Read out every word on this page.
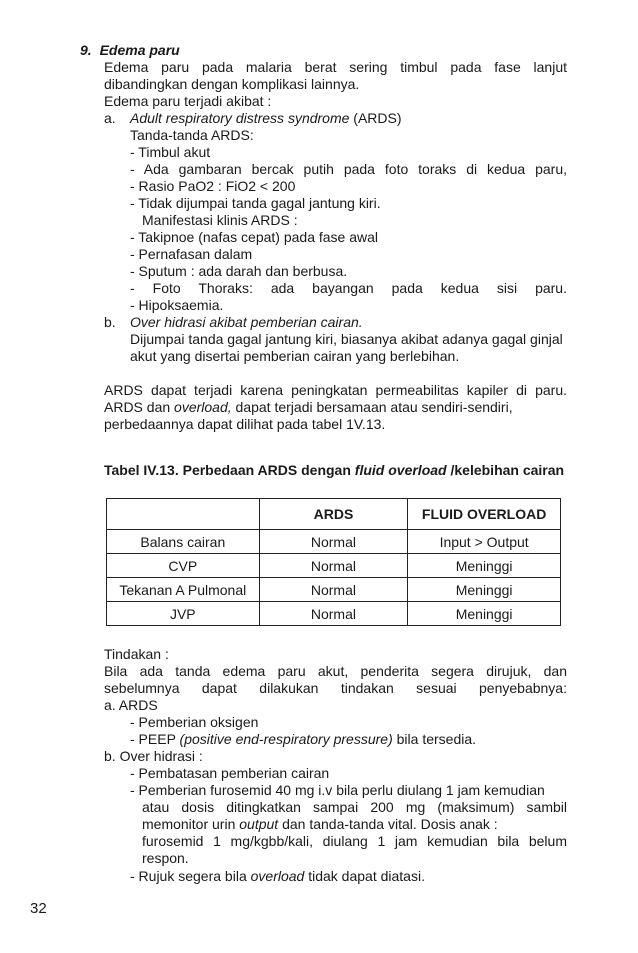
9. Edema paru
Edema paru pada malaria berat sering timbul pada fase lanjut
dibandingkan dengan komplikasi lainnya.
Edema paru terjadi akibat :
a. Adult respiratory distress syndrome (ARDS)
Tanda-tanda ARDS:
- Timbul akut
- Ada gambaran bercak putih pada foto toraks di kedua paru,
- Rasio PaO2 : FiO2 < 200
- Tidak dijumpai tanda gagal jantung kiri.
Manifestasi klinis ARDS :
- Takipnoe (nafas cepat) pada fase awal
- Pernafasan dalam
- Sputum : ada darah dan berbusa.
- Foto Thoraks: ada bayangan pada kedua sisi paru.
- Hipoksaemia.
b. Over hidrasi akibat pemberian cairan.
Dijumpai tanda gagal jantung kiri, biasanya akibat adanya gagal ginjal
akut yang disertai pemberian cairan yang berlebihan.
ARDS dapat terjadi karena peningkatan permeabilitas kapiler di paru.
ARDS dan overload, dapat terjadi bersamaan atau sendiri-sendiri,
perbedaannya dapat dilihat pada tabel 1V.13.
Tabel IV.13. Perbedaan ARDS dengan fluid overload /kelebihan cairan
	ARDS	FLUID OVERLOAD
Balans cairan	Normal	Input > Output
CVP	Normal	Meninggi
Tekanan A Pulmonal	Normal	Meninggi
JVP	Normal	Meninggi
Tindakan :
Bila ada tanda edema paru akut, penderita segera dirujuk, dan
sebelumnya dapat dilakukan tindakan sesuai penyebabnya:
a. ARDS
- Pemberian oksigen
- PEEP (positive end-respiratory pressure) bila tersedia.
b. Over hidrasi :
- Pembatasan pemberian cairan
- Pemberian furosemid 40 mg i.v bila perlu diulang 1 jam kemudian
atau dosis ditingkatkan sampai 200 mg (maksimum) sambil
memonitor urin output dan tanda-tanda vital. Dosis anak :
furosemid 1 mg/kgbb/kali, diulang 1 jam kemudian bila belum
respon.
- Rujuk segera bila overload tidak dapat diatasi.
32
